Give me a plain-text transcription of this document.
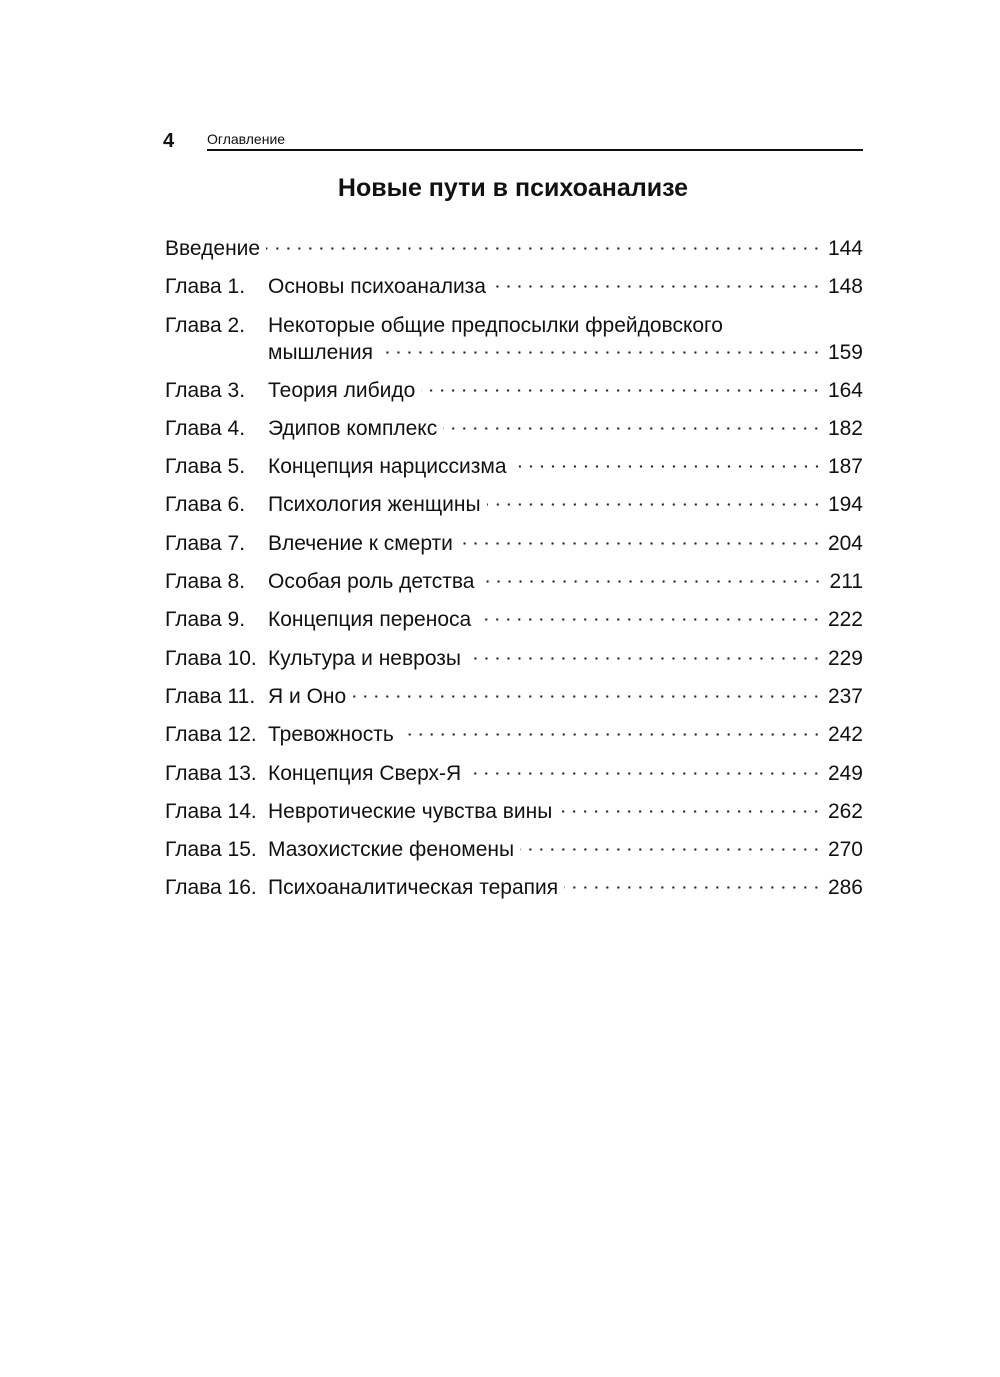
4 Оглавление
Новые пути в психоанализе
Введение	144
Глава 1. Основы психоанализа	148
Глава 2. Некоторые общие предпосылки фрейдовского
мышления	159
Глава 3. Теория либидо	164
Глава 4. Эдипов комплекс	182
Глава 5. Концепция нарциссизма	187
Глава 6. Психология женщины	194
Глава 7. Влечение к смерти	204
Глава 8. Особая роль детства	211
Глава 9. Концепция переноса	222
Глава 10. Культура и неврозы	229
Глава 11. Я и Оно	237
Глава 12. Тревожность	242
Глава 13. Концепция Сверх-Я	249
Глава 14. Невротические чувства вины	262
Глава 15. Мазохистские феномены	270
Глава 16. Психоаналитическая терапия	286
